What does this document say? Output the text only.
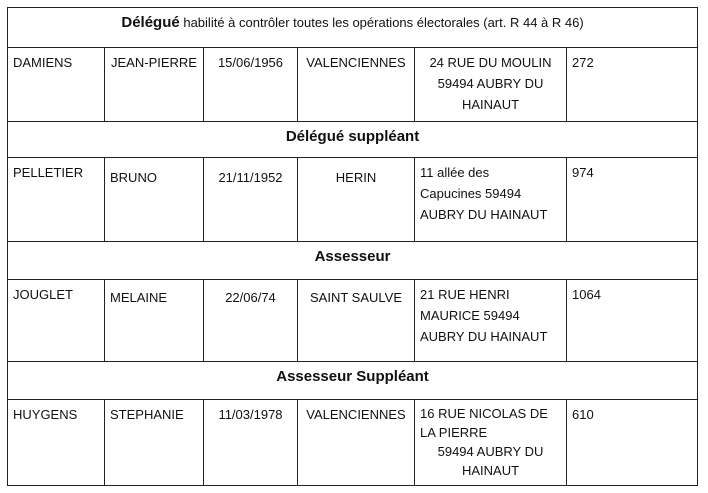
Délégué habilité à contrôler toutes les opérations électorales (art. R 44 à R 46)					
DAMIENS	JEAN-PIERRE	15/06/1956	VALENCIENNES	24 RUE DU MOULIN
59494 AUBRY DU
HAINAUT	272
Délégué suppléant					
PELLETIER	BRUNO	21/11/1952	HERIN	11 allée des
Capucines 59494
AUBRY DU HAINAUT	974
Assesseur					
JOUGLET	MELAINE	22/06/74	SAINT SAULVE	21 RUE HENRI
MAURICE 59494
AUBRY DU HAINAUT	1064
Assesseur Suppléant					
HUYGENS	STEPHANIE	11/03/1978	VALENCIENNES	16 RUE NICOLAS DE
LA PIERRE
59494 AUBRY DU
HAINAUT	610
